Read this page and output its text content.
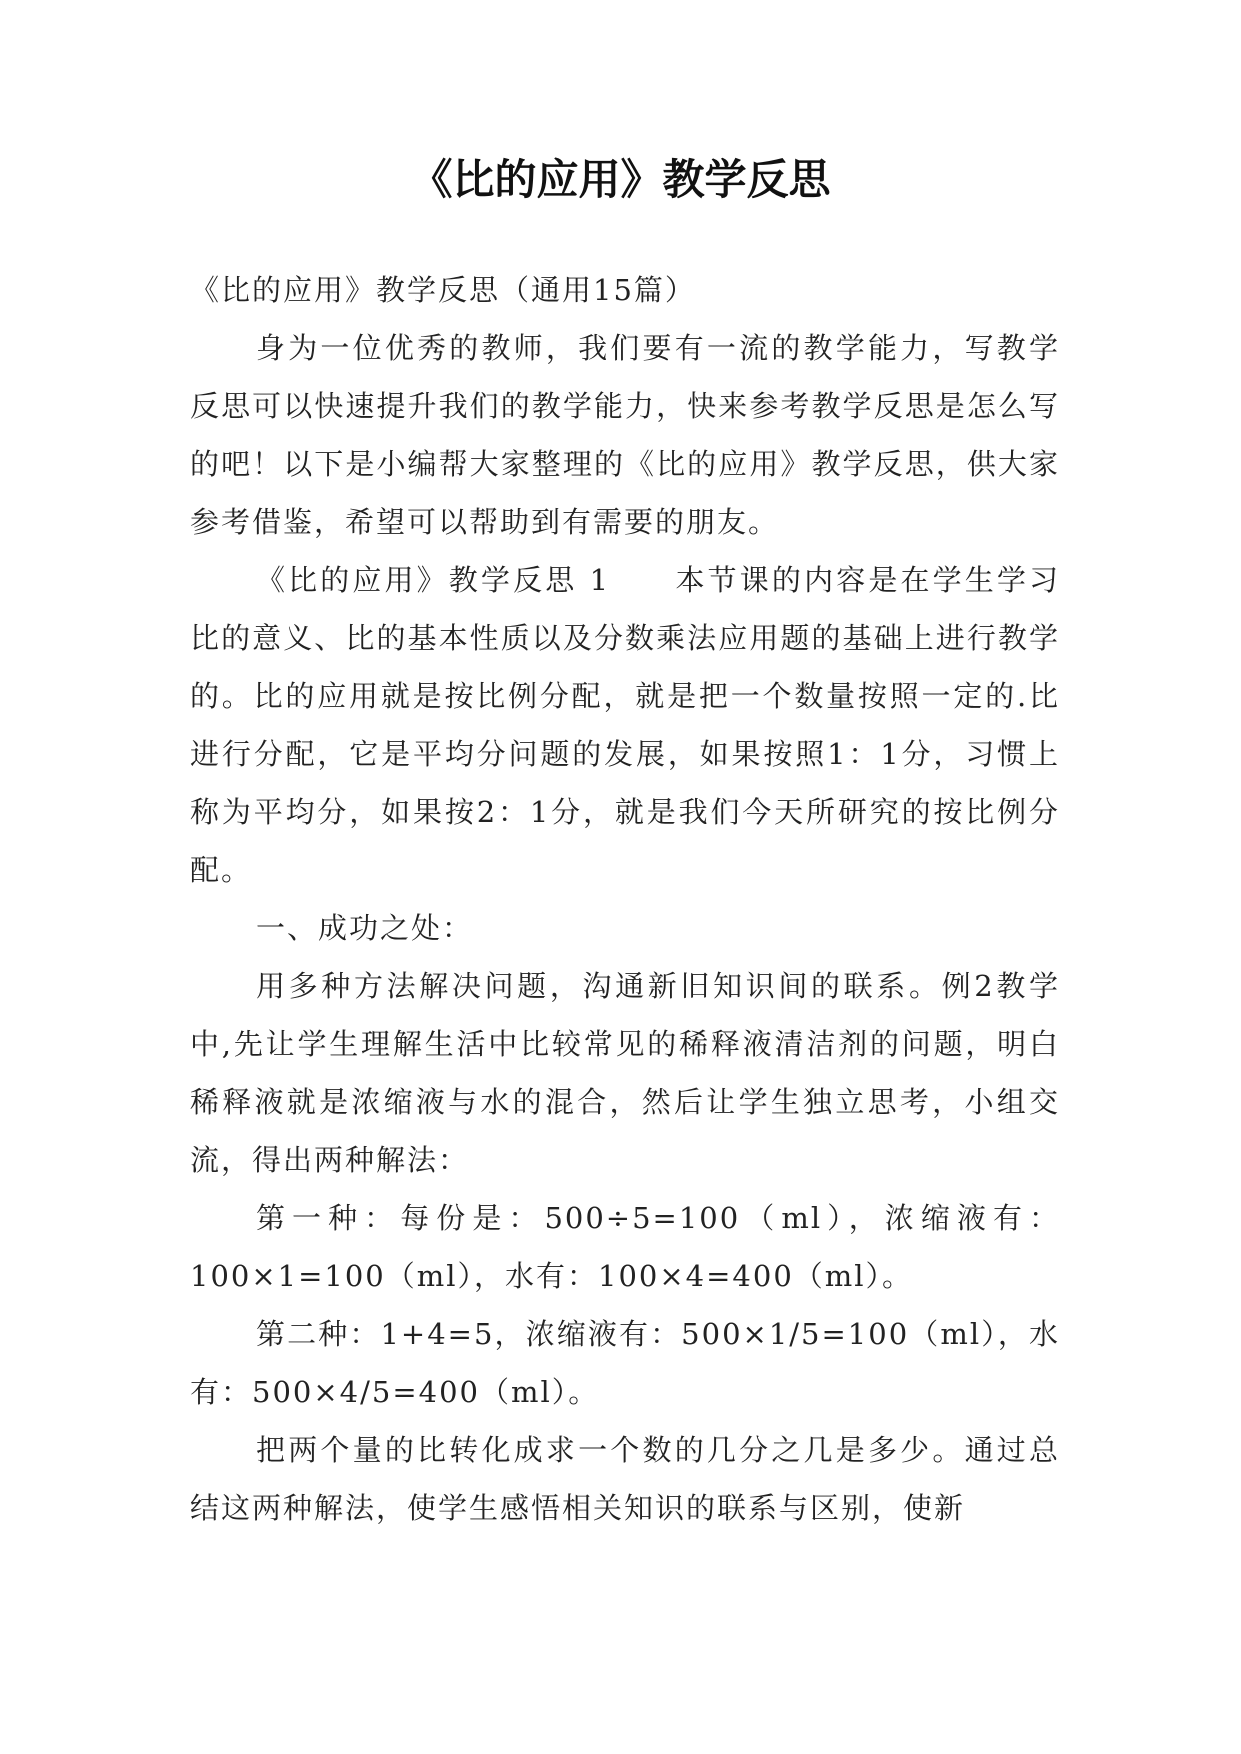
《比的应用》教学反思

《比的应用》教学反思（通用15篇）

身为一位优秀的教师，我们要有一流的教学能力，写教学反思可以快速提升我们的教学能力，快来参考教学反思是怎么写的吧！以下是小编帮大家整理的《比的应用》教学反思，供大家参考借鉴，希望可以帮助到有需要的朋友。

《比的应用》教学反思 1　　本节课的内容是在学生学习比的意义、比的基本性质以及分数乘法应用题的基础上进行教学的。比的应用就是按比例分配，就是把一个数量按照一定的.比进行分配，它是平均分问题的发展，如果按照1：1分，习惯上称为平均分，如果按2：1分，就是我们今天所研究的按比例分配。

一、成功之处：

用多种方法解决问题，沟通新旧知识间的联系。例2教学中,先让学生理解生活中比较常见的稀释液清洁剂的问题，明白稀释液就是浓缩液与水的混合，然后让学生独立思考，小组交流，得出两种解法：

第一种：每份是：500÷5=100（ml），浓缩液有：100×1=100（ml），水有：100×4=400（ml）。

第二种：1+4=5，浓缩液有：500×1/5=100（ml），水有：500×4/5=400（ml）。

把两个量的比转化成求一个数的几分之几是多少。通过总结这两种解法，使学生感悟相关知识的联系与区别，使新
